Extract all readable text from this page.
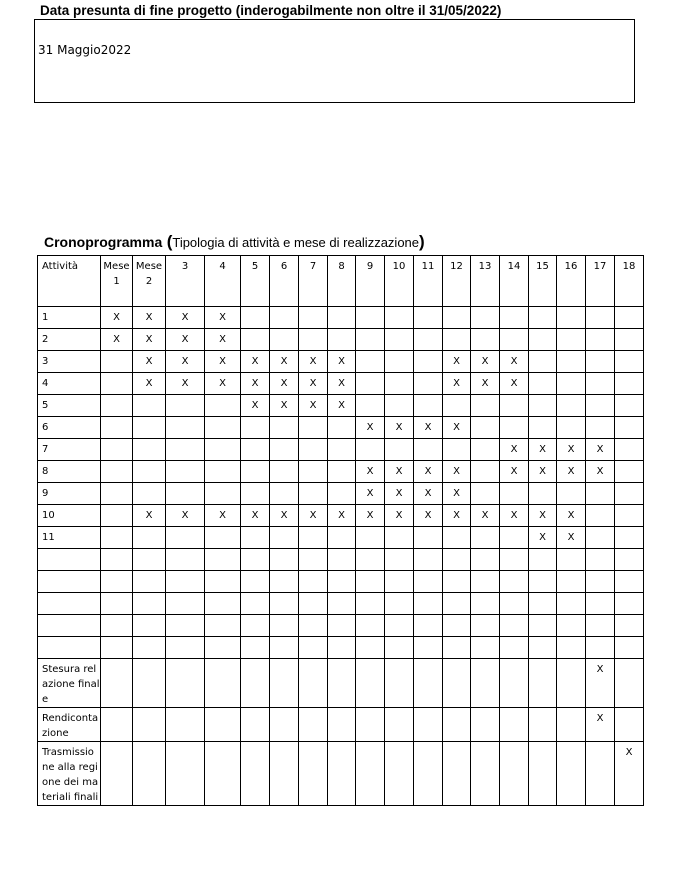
Data presunta di fine progetto (inderogabilmente non oltre il 31/05/2022)
31 Maggio2022
Cronoprogramma (Tipologia di attività e mese di realizzazione)
Attività	Mese 1	Mese 2	3	4	5	6	7	8	9	10	11	12	13	14	15	16	17	18
1	X	X	X	X														
2	X	X	X	X														
3		X	X	X	X	X	X	X				X	X	X				
4		X	X	X	X	X	X	X				X	X	X				
5					X	X	X	X										
6									X	X	X	X						
7														X	X	X	X	
8									X	X	X	X		X	X	X	X	
9									X	X	X	X						
10		X	X	X	X	X	X	X	X	X	X	X	X	X	X	X		
11															X	X		

Stesura relazione finale																	X	
Rendicontazione																	X	
Trasmissione alla regione dei materiali finali																		X
